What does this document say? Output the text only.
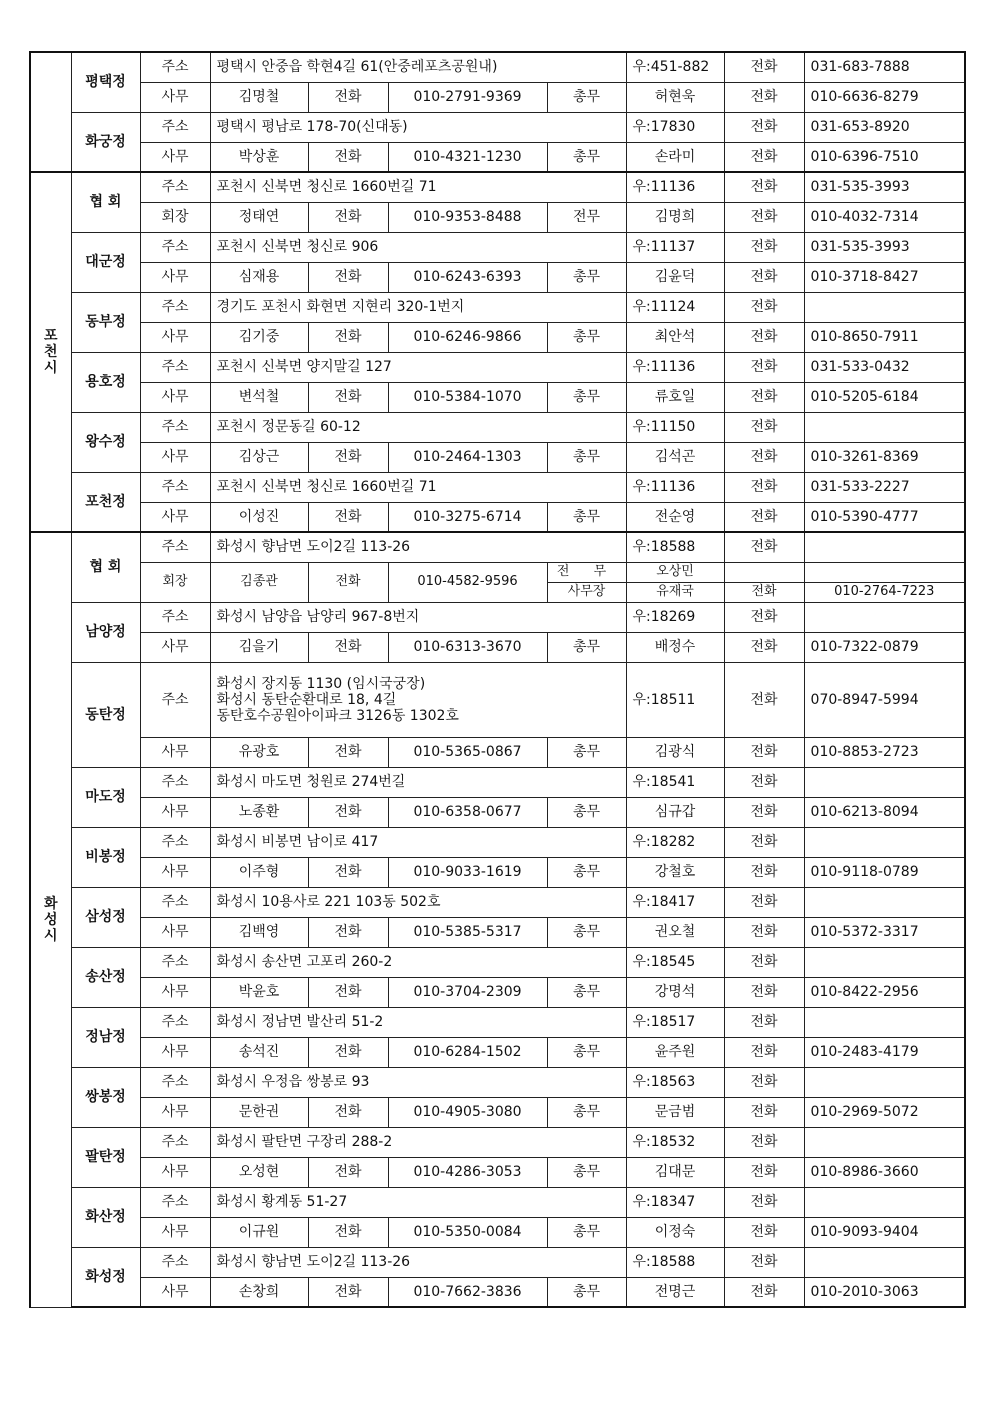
	평택정	주소	평택시 안중읍 학현4길 61(안중레포츠공원내)				우:451-882	전화	031-683-7888
		사무	김명철	전화	010-2791-9369	총무	허현욱	전화	010-6636-8279
	화궁정	주소	평택시 평남로 178-70(신대동)				우:17830	전화	031-653-8920
		사무	박상훈	전화	010-4321-1230	총무	손라미	전화	010-6396-7510

포
천
시	협 회	주소	포천시 신북면 청신로 1660번길 71				우:11136	전화	031-535-3993
		회장	정태연	전화	010-9353-8488	전무	김명희	전화	010-4032-7314
	대군정	주소	포천시 신북면 청신로 906				우:11137	전화	031-535-3993
		사무	심재용	전화	010-6243-6393	총무	김윤덕	전화	010-3718-8427
	동부정	주소	경기도 포천시 화현면 지현리 320-1번지				우:11124	전화	
		사무	김기중	전화	010-6246-9866	총무	최안석	전화	010-8650-7911
	용호정	주소	포천시 신북면 양지말길 127				우:11136	전화	031-533-0432
		사무	변석철	전화	010-5384-1070	총무	류호일	전화	010-5205-6184
	왕수정	주소	포천시 정문동길 60-12				우:11150	전화	
		사무	김상근	전화	010-2464-1303	총무	김석곤	전화	010-3261-8369
	포천정	주소	포천시 신북면 청신로 1660번길 71				우:11136	전화	031-533-2227
		사무	이성진	전화	010-3275-6714	총무	전순영	전화	010-5390-4777

화
성
시	협 회	주소	화성시 향남면 도이2길 113-26				우:18588	전화	
		회장	김종관	전화	010-4582-9596	전 무	오상민		
						사무장	유재국	전화	010-2764-7223
	남양정	주소	화성시 남양읍 남양리 967-8번지				우:18269	전화	
		사무	김을기	전화	010-6313-3670	총무	배정수	전화	010-7322-0879
	동탄정	주소	화성시 장지동 1130 (임시국궁장)
화성시 동탄순환대로 18, 4길
동탄호수공원아이파크 3126동 1302호				우:18511	전화	070-8947-5994
		사무	유광호	전화	010-5365-0867	총무	김광식	전화	010-8853-2723
	마도정	주소	화성시 마도면 청원로 274번길				우:18541	전화	
		사무	노종환	전화	010-6358-0677	총무	심규갑	전화	010-6213-8094
	비봉정	주소	화성시 비봉면 남이로 417				우:18282	전화	
		사무	이주형	전화	010-9033-1619	총무	강철호	전화	010-9118-0789
	삼성정	주소	화성시 10용사로 221 103동 502호				우:18417	전화	
		사무	김백영	전화	010-5385-5317	총무	권오철	전화	010-5372-3317
	송산정	주소	화성시 송산면 고포리 260-2				우:18545	전화	
		사무	박윤호	전화	010-3704-2309	총무	강명석	전화	010-8422-2956
	정남정	주소	화성시 정남면 발산리 51-2				우:18517	전화	
		사무	송석진	전화	010-6284-1502	총무	윤주원	전화	010-2483-4179
	쌍봉정	주소	화성시 우정읍 쌍봉로 93				우:18563	전화	
		사무	문한권	전화	010-4905-3080	총무	문금범	전화	010-2969-5072
	팔탄정	주소	화성시 팔탄면 구장리 288-2				우:18532	전화	
		사무	오성현	전화	010-4286-3053	총무	김대문	전화	010-8986-3660
	화산정	주소	화성시 황계동 51-27				우:18347	전화	
		사무	이규원	전화	010-5350-0084	총무	이정숙	전화	010-9093-9404
	화성정	주소	화성시 향남면 도이2길 113-26				우:18588	전화	
		사무	손창희	전화	010-7662-3836	총무	전명근	전화	010-2010-3063
